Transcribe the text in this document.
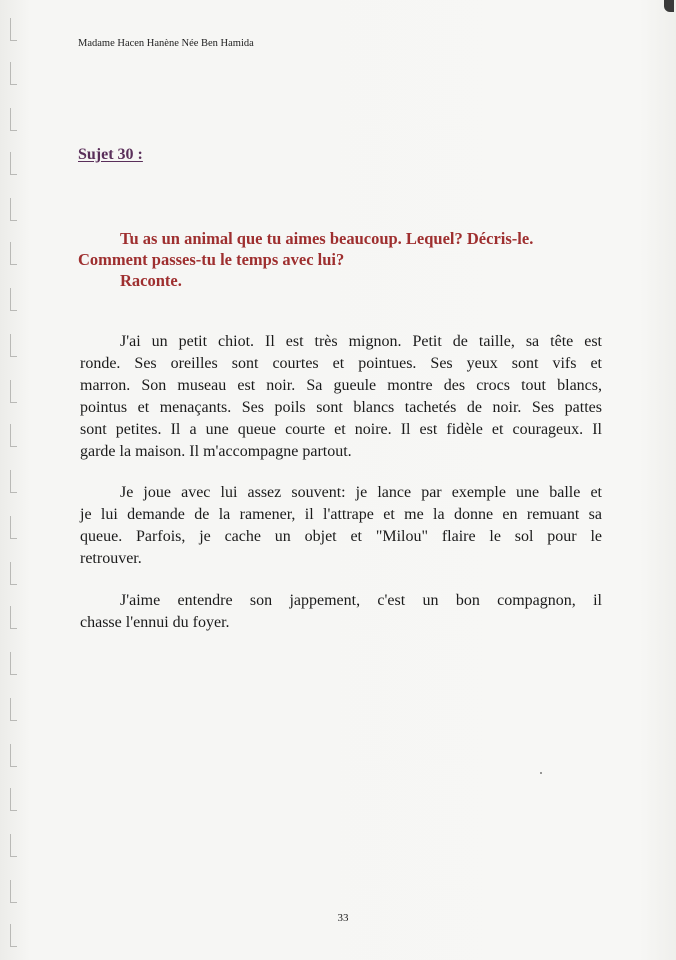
Madame Hacen Hanène Née Ben Hamida
Sujet 30 :
Tu as un animal que tu aimes beaucoup. Lequel? Décris-le.
Comment passes-tu le temps avec lui?
Raconte.
J'ai un petit chiot. Il est très mignon. Petit de taille, sa tête est
ronde. Ses oreilles sont courtes et pointues. Ses yeux sont vifs et
marron. Son museau est noir. Sa gueule montre des crocs tout blancs,
pointus et menaçants. Ses poils sont blancs tachetés de noir. Ses pattes
sont petites. Il a une queue courte et noire. Il est fidèle et courageux. Il
garde la maison. Il m'accompagne partout.
Je joue avec lui assez souvent: je lance par exemple une balle et
je lui demande de la ramener, il l'attrape et me la donne en remuant sa
queue. Parfois, je cache un objet et "Milou" flaire le sol pour le
retrouver.
J'aime entendre son jappement, c'est un bon compagnon, il
chasse l'ennui du foyer.
33
